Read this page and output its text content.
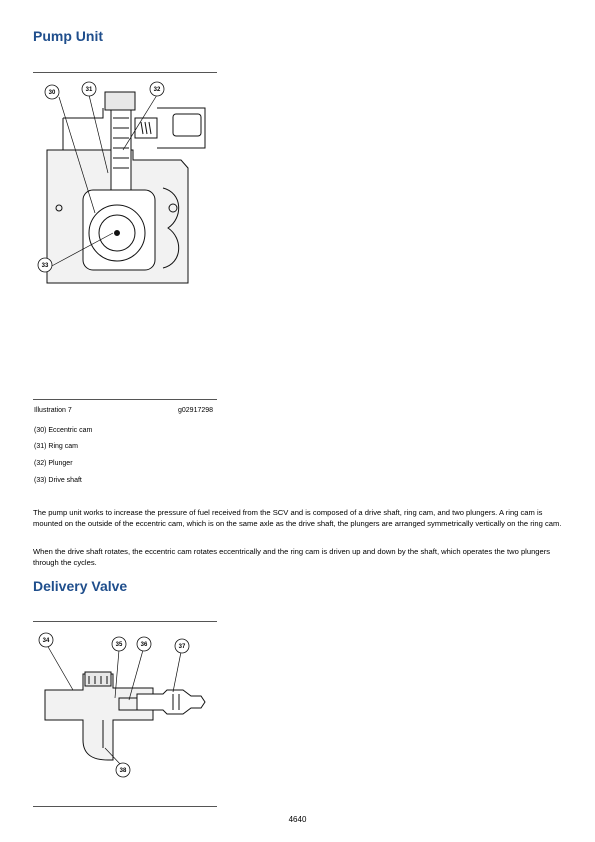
Pump Unit
30	31	32
33
Illustration 7	g02917298
(30) Eccentric cam
(31) Ring cam
(32) Plunger
(33) Drive shaft

The pump unit works to increase the pressure of fuel received from the SCV and is composed of a drive shaft, ring cam, and two plungers. A ring cam is mounted on the outside of the eccentric cam, which is on the same axle as the drive shaft, the plungers are arranged symmetrically vertically on the ring cam.

When the drive shaft rotates, the eccentric cam rotates eccentrically and the ring cam is driven up and down by the shaft, which operates the two plungers through the cycles.

Delivery Valve
34
35	36	37
38
4640
